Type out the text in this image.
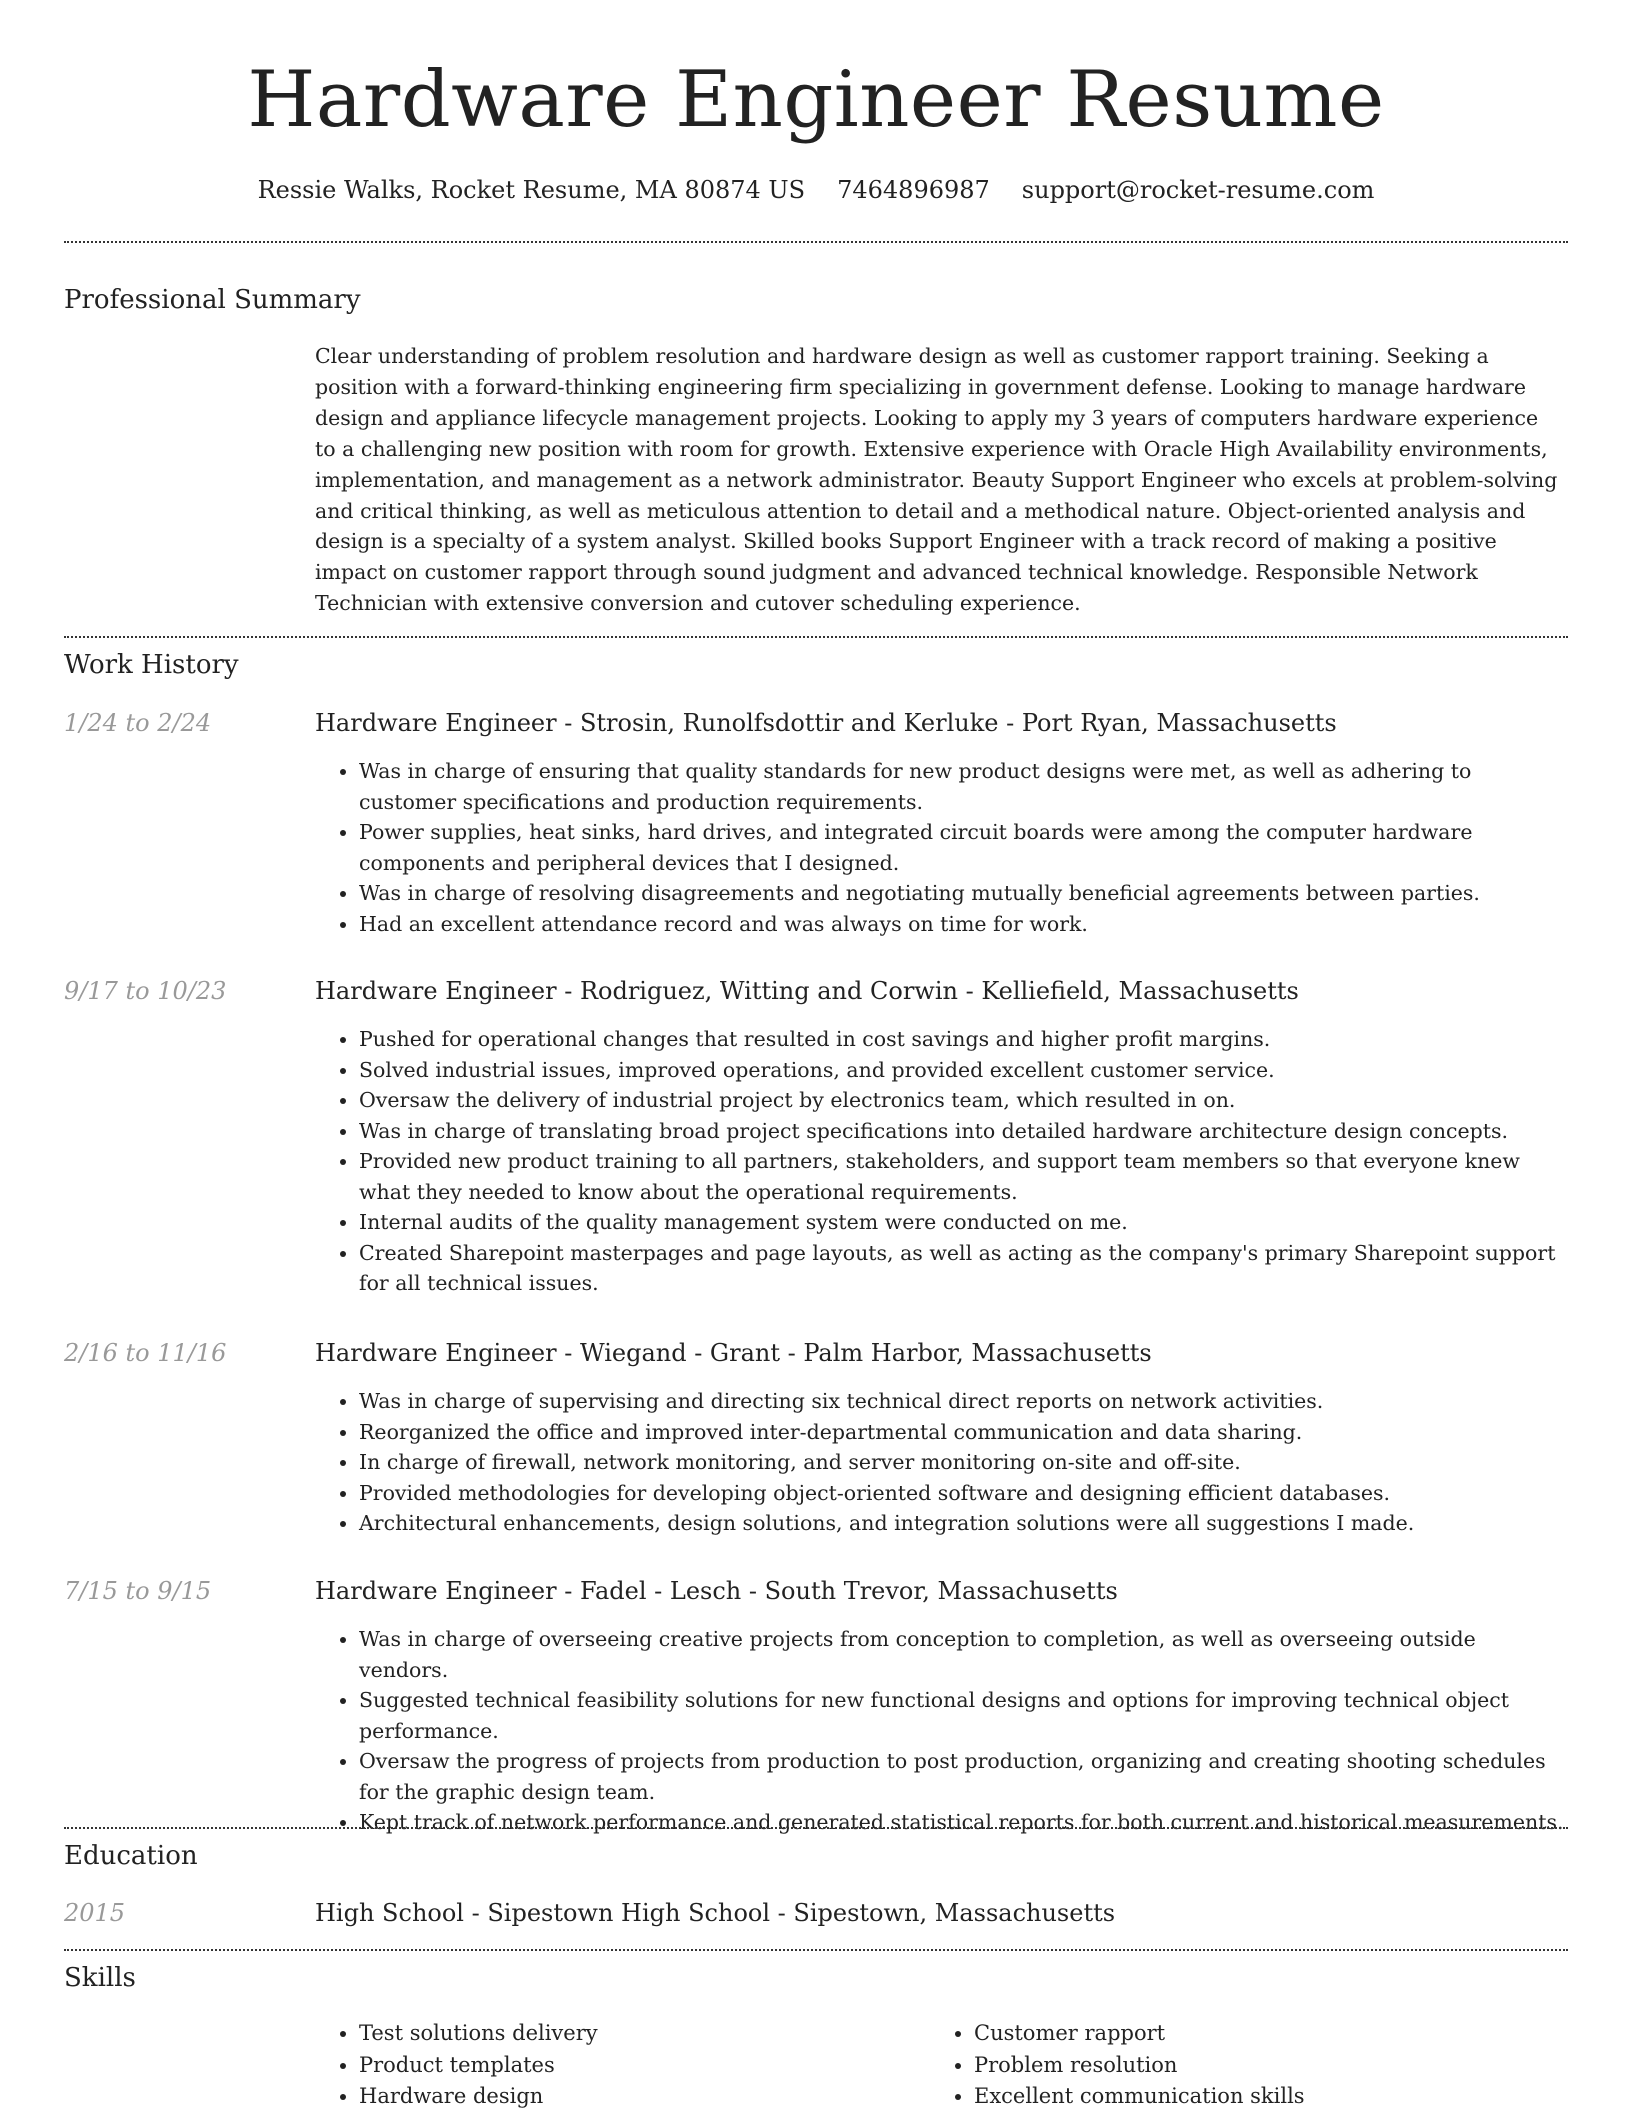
Hardware Engineer Resume
Ressie Walks, Rocket Resume, MA 80874 US 7464896987 support@rocket-resume.com
Professional Summary
Clear understanding of problem resolution and hardware design as well as customer rapport training. Seeking a position with a forward-thinking engineering firm specializing in government defense. Looking to manage hardware design and appliance lifecycle management projects. Looking to apply my 3 years of computers hardware experience to a challenging new position with room for growth. Extensive experience with Oracle High Availability environments, implementation, and management as a network administrator. Beauty Support Engineer who excels at problem-solving and critical thinking, as well as meticulous attention to detail and a methodical nature. Object-oriented analysis and design is a specialty of a system analyst. Skilled books Support Engineer with a track record of making a positive impact on customer rapport through sound judgment and advanced technical knowledge. Responsible Network Technician with extensive conversion and cutover scheduling experience.
Work History
1/24 to 2/24	Hardware Engineer - Strosin, Runolfsdottir and Kerluke - Port Ryan, Massachusetts
• Was in charge of ensuring that quality standards for new product designs were met, as well as adhering to customer specifications and production requirements.
• Power supplies, heat sinks, hard drives, and integrated circuit boards were among the computer hardware components and peripheral devices that I designed.
• Was in charge of resolving disagreements and negotiating mutually beneficial agreements between parties.
• Had an excellent attendance record and was always on time for work.
9/17 to 10/23	Hardware Engineer - Rodriguez, Witting and Corwin - Kelliefield, Massachusetts
• Pushed for operational changes that resulted in cost savings and higher profit margins.
• Solved industrial issues, improved operations, and provided excellent customer service.
• Oversaw the delivery of industrial project by electronics team, which resulted in on.
• Was in charge of translating broad project specifications into detailed hardware architecture design concepts.
• Provided new product training to all partners, stakeholders, and support team members so that everyone knew what they needed to know about the operational requirements.
• Internal audits of the quality management system were conducted on me.
• Created Sharepoint masterpages and page layouts, as well as acting as the company's primary Sharepoint support for all technical issues.
2/16 to 11/16	Hardware Engineer - Wiegand - Grant - Palm Harbor, Massachusetts
• Was in charge of supervising and directing six technical direct reports on network activities.
• Reorganized the office and improved inter-departmental communication and data sharing.
• In charge of firewall, network monitoring, and server monitoring on-site and off-site.
• Provided methodologies for developing object-oriented software and designing efficient databases.
• Architectural enhancements, design solutions, and integration solutions were all suggestions I made.
7/15 to 9/15	Hardware Engineer - Fadel - Lesch - South Trevor, Massachusetts
• Was in charge of overseeing creative projects from conception to completion, as well as overseeing outside vendors.
• Suggested technical feasibility solutions for new functional designs and options for improving technical object performance.
• Oversaw the progress of projects from production to post production, organizing and creating shooting schedules for the graphic design team.
• Kept track of network performance and generated statistical reports for both current and historical measurements.
Education
2015	High School - Sipestown High School - Sipestown, Massachusetts
Skills
• Test solutions delivery
• Product templates
• Hardware design
• Customer rapport
• Problem resolution
• Excellent communication skills
